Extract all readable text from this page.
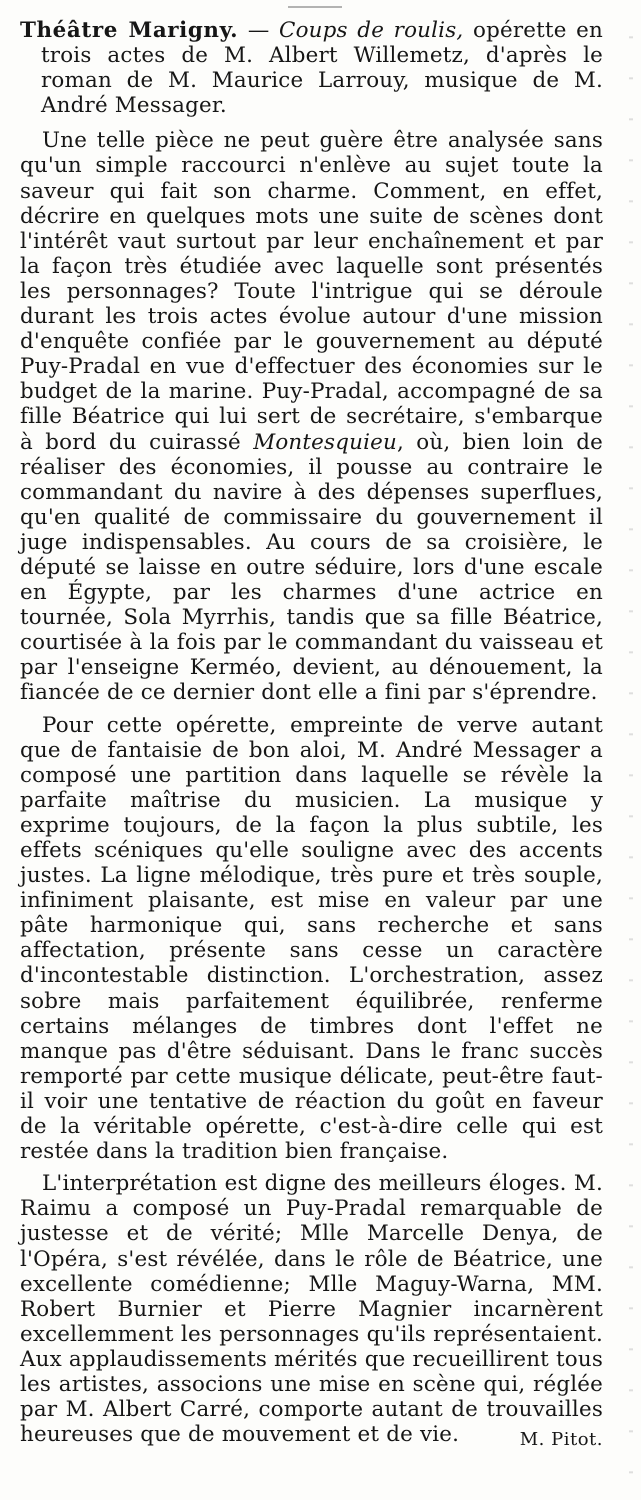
Théâtre Marigny. — Coups de roulis, opérette en trois actes de M. Albert Willemetz, d'après le roman de M. Maurice Larrouy, musique de M. André Messager.

Une telle pièce ne peut guère être analysée sans qu'un simple raccourci n'enlève au sujet toute la saveur qui fait son charme. Comment, en effet, décrire en quelques mots une suite de scènes dont l'intérêt vaut surtout par leur enchaînement et par la façon très étudiée avec laquelle sont présentés les personnages? Toute l'intrigue qui se déroule durant les trois actes évolue autour d'une mission d'enquête confiée par le gouvernement au député Puy-Pradal en vue d'effectuer des économies sur le budget de la marine. Puy-Pradal, accompagné de sa fille Béatrice qui lui sert de secrétaire, s'embarque à bord du cuirassé Montesquieu, où, bien loin de réaliser des économies, il pousse au contraire le commandant du navire à des dépenses superflues, qu'en qualité de commissaire du gouvernement il juge indispensables. Au cours de sa croisière, le député se laisse en outre séduire, lors d'une escale en Égypte, par les charmes d'une actrice en tournée, Sola Myrrhis, tandis que sa fille Béatrice, courtisée à la fois par le commandant du vaisseau et par l'enseigne Kerméo, devient, au dénouement, la fiancée de ce dernier dont elle a fini par s'éprendre.

Pour cette opérette, empreinte de verve autant que de fantaisie de bon aloi, M. André Messager a composé une partition dans laquelle se révèle la parfaite maîtrise du musicien. La musique y exprime toujours, de la façon la plus subtile, les effets scéniques qu'elle souligne avec des accents justes. La ligne mélodique, très pure et très souple, infiniment plaisante, est mise en valeur par une pâte harmonique qui, sans recherche et sans affectation, présente sans cesse un caractère d'incontestable distinction. L'orchestration, assez sobre mais parfaitement équilibrée, renferme certains mélanges de timbres dont l'effet ne manque pas d'être séduisant. Dans le franc succès remporté par cette musique délicate, peut-être faut-il voir une tentative de réaction du goût en faveur de la véritable opérette, c'est-à-dire celle qui est restée dans la tradition bien française.

L'interprétation est digne des meilleurs éloges. M. Raimu a composé un Puy-Pradal remarquable de justesse et de vérité; Mlle Marcelle Denya, de l'Opéra, s'est révélée, dans le rôle de Béatrice, une excellente comédienne; Mlle Maguy-Warna, MM. Robert Burnier et Pierre Magnier incarnèrent excellemment les personnages qu'ils représentaient. Aux applaudissements mérités que recueillirent tous les artistes, associons une mise en scène qui, réglée par M. Albert Carré, comporte autant de trouvailles heureuses que de mouvement et de vie.	M. Pitot.
